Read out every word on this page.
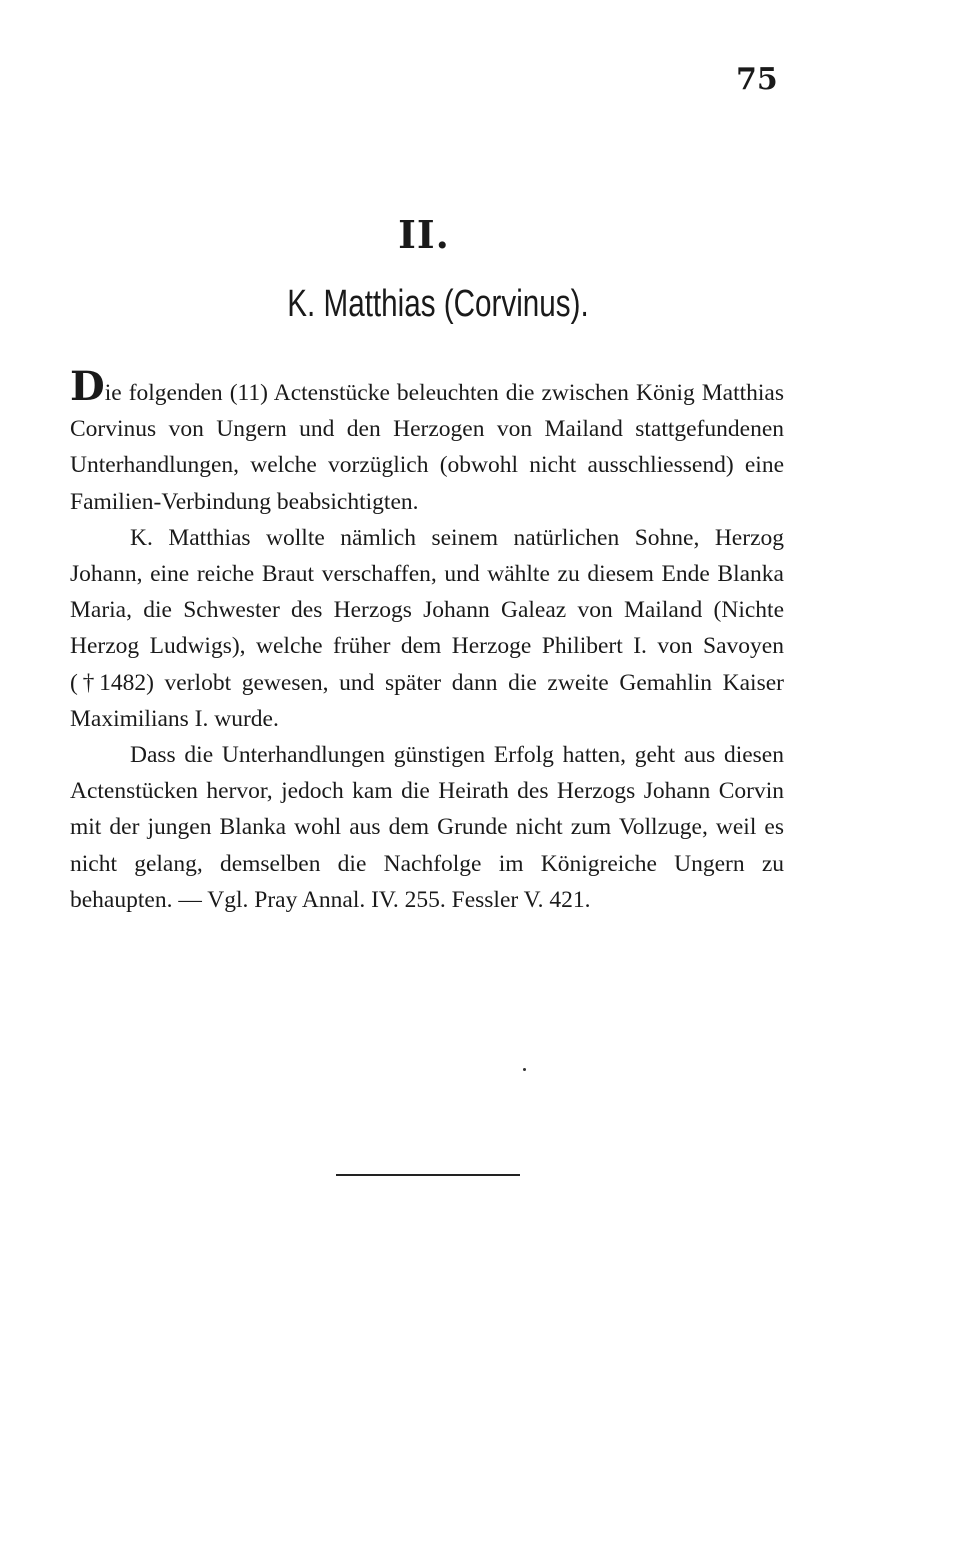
75
II.
K. Matthias (Corvinus).

Die folgenden (11) Actenstücke beleuchten die zwischen König Matthias Corvinus von Ungern und den Herzogen von Mailand stattgefundenen Unterhandlungen, welche vorzüglich (obwohl nicht ausschliessend) eine Familien-Verbindung beabsichtigten.

K. Matthias wollte nämlich seinem natürlichen Sohne, Herzog Johann, eine reiche Braut verschaffen, und wählte zu diesem Ende Blanka Maria, die Schwester des Herzogs Johann Galeaz von Mailand (Nichte Herzog Ludwigs), welche früher dem Herzoge Philibert I. von Savoyen (†1482) verlobt gewesen, und später dann die zweite Gemahlin Kaiser Maximilians I. wurde.

Dass die Unterhandlungen günstigen Erfolg hatten, geht aus diesen Actenstücken hervor, jedoch kam die Heirath des Herzogs Johann Corvin mit der jungen Blanka wohl aus dem Grunde nicht zum Vollzuge, weil es nicht gelang, demselben die Nachfolge im Königreiche Ungern zu behaupten. — Vgl. Pray Annal. IV. 255. Fessler V. 421.
